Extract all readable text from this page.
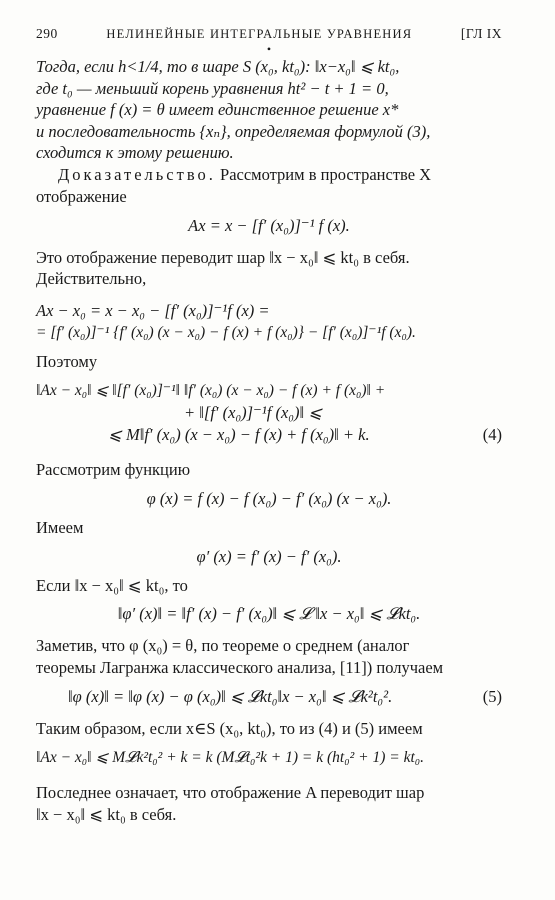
290	НЕЛИНЕЙНЫЕ ИНТЕГРАЛЬНЫЕ УРАВНЕНИЯ	[ГЛ IX
•

Тогда, если h<1/4, то в шаре S (x₀, kt₀): ‖x−x₀‖ ⩽ kt₀,

где t₀ — меньший корень уравнения ht² − t + 1 = 0,

уравнение f (x) = θ имеет единственное решение x*

и последовательность {xₙ}, определяемая формулой (3),

сходится к этому решению.

Доказательство. Рассмотрим в пространстве X

отображение

Ax = x − [f′ (x₀)]⁻¹ f (x).

Это отображение переводит шар ‖x − x₀‖ ⩽ kt₀ в себя.

Действительно,

Ax − x₀ = x − x₀ − [f′ (x₀)]⁻¹f (x) =

= [f′ (x₀)]⁻¹ {f′ (x₀) (x − x₀) − f (x) + f (x₀)} − [f′ (x₀)]⁻¹f (x₀).

Поэтому

‖Ax − x₀‖ ⩽ ‖[f′ (x₀)]⁻¹‖ ‖f′ (x₀) (x − x₀) − f (x) + f (x₀)‖ +

+ ‖[f′ (x₀)]⁻¹f (x₀)‖ ⩽

⩽ M‖f′ (x₀) (x − x₀) − f (x) + f (x₀)‖ + k.	(4)

Рассмотрим функцию

φ (x) = f (x) − f (x₀) − f′ (x₀) (x − x₀).

Имеем

φ′ (x) = f′ (x) − f′ (x₀).

Если ‖x − x₀‖ ⩽ kt₀, то

‖φ′ (x)‖ = ‖f′ (x) − f′ (x₀)‖ ⩽ 𝓛 ‖x − x₀‖ ⩽ 𝓛kt₀.

Заметив, что φ (x₀) = θ, по теореме о среднем (аналог

теоремы Лагранжа классического анализа, [11]) получаем

‖φ (x)‖ = ‖φ (x) − φ (x₀)‖ ⩽ 𝓛kt₀‖x − x₀‖ ⩽ 𝓛k²t₀².	(5)

Таким образом, если x∈S (x₀, kt₀), то из (4) и (5) имеем

‖Ax − x₀‖ ⩽ M𝓛k²t₀² + k = k (M𝓛t₀²k + 1) = k (ht₀² + 1) = kt₀.

Последнее означает, что отображение A переводит шар

‖x − x₀‖ ⩽ kt₀ в себя.
